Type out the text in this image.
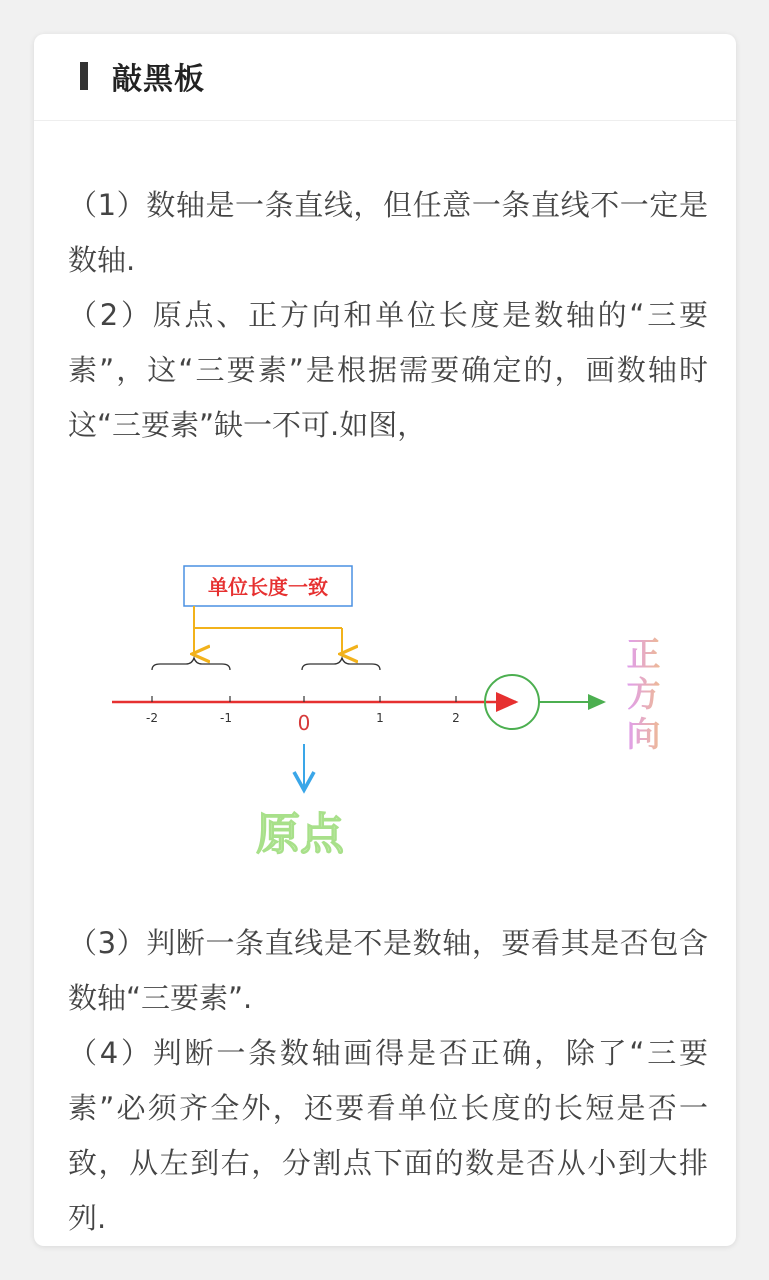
敲黑板

（1）数轴是一条直线，但任意一条直线不一定是数轴.

（2）原点、正方向和单位长度是数轴的“三要素”，这“三要素”是根据需要确定的，画数轴时这“三要素”缺一不可.如图，

单位长度一致
-2	-1	0	1	2	正方向
原点

（3）判断一条直线是不是数轴，要看其是否包含数轴“三要素”.

（4）判断一条数轴画得是否正确，除了“三要素”必须齐全外，还要看单位长度的长短是否一致，从左到右，分割点下面的数是否从小到大排列.
